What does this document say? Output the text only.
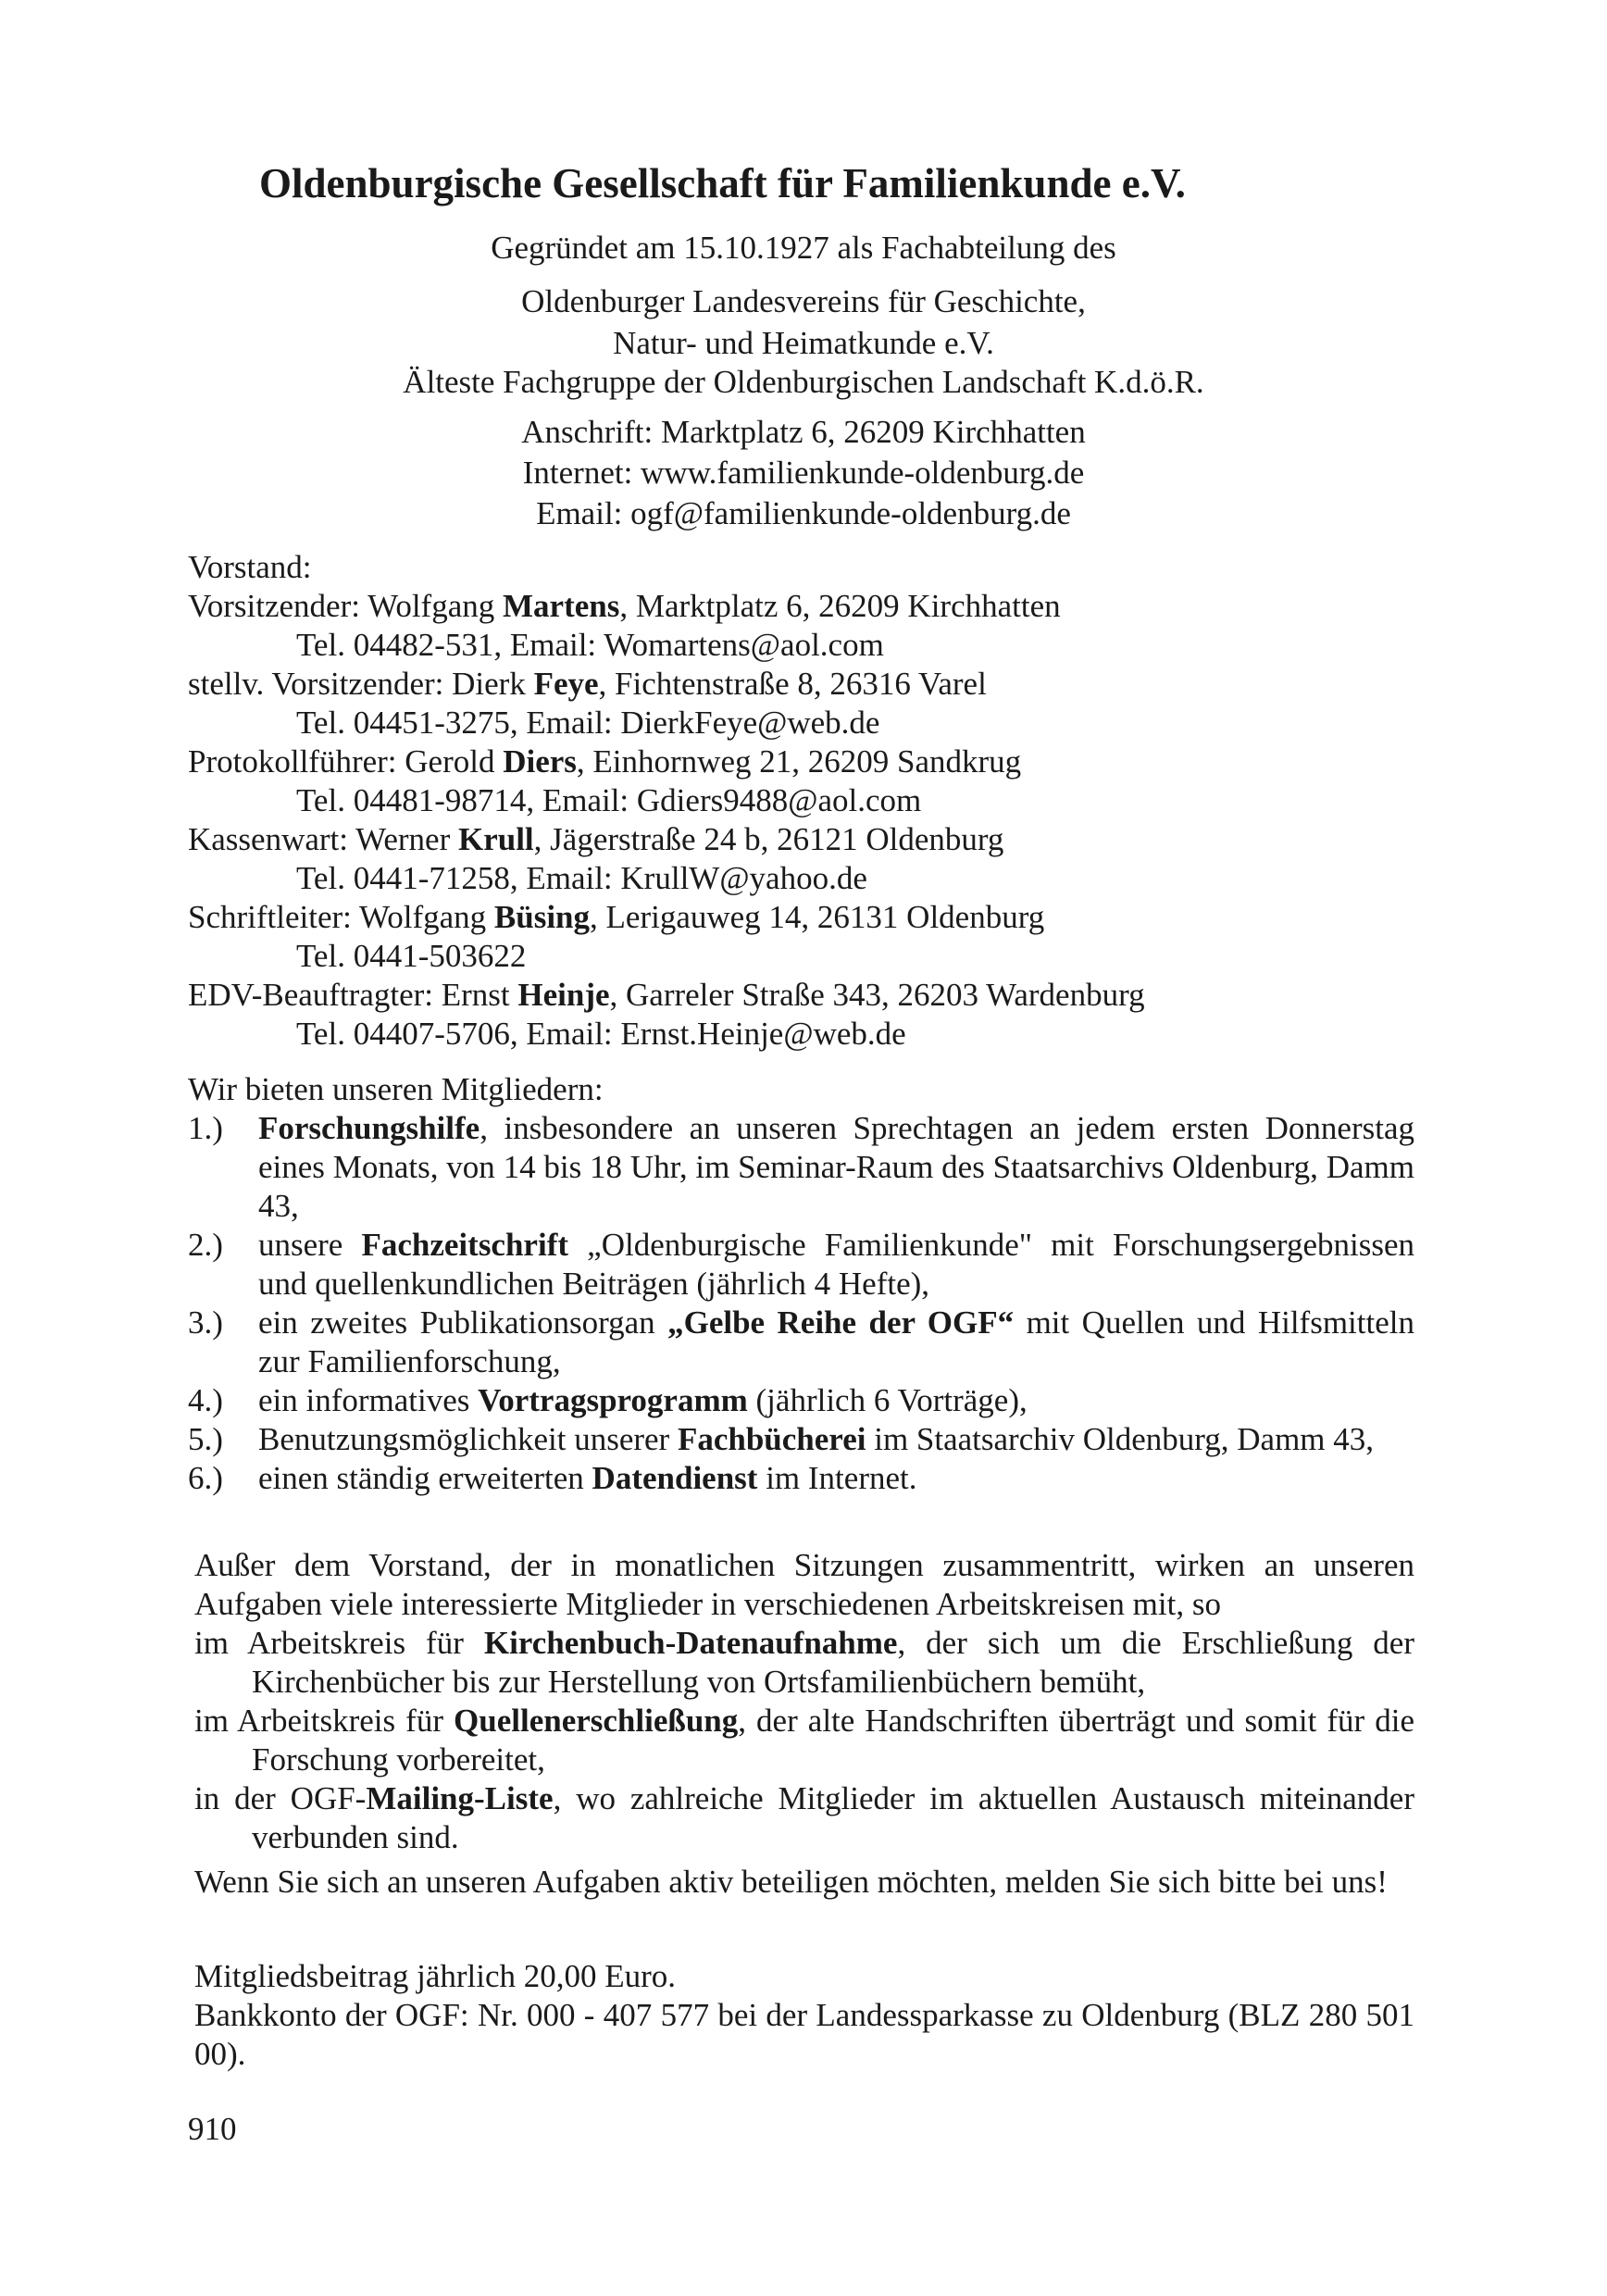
Oldenburgische Gesellschaft für Familienkunde e.V.
Gegründet am 15.10.1927 als Fachabteilung des
Oldenburger Landesvereins für Geschichte,
Natur- und Heimatkunde e.V.
Älteste Fachgruppe der Oldenburgischen Landschaft K.d.ö.R.
Anschrift: Marktplatz 6, 26209 Kirchhatten
Internet: www.familienkunde-oldenburg.de
Email: ogf@familienkunde-oldenburg.de
Vorstand:
Vorsitzender: Wolfgang Martens, Marktplatz 6, 26209 Kirchhatten
Tel. 04482-531, Email: Womartens@aol.com
stellv. Vorsitzender: Dierk Feye, Fichtenstraße 8, 26316 Varel
Tel. 04451-3275, Email: DierkFeye@web.de
Protokollführer: Gerold Diers, Einhornweg 21, 26209 Sandkrug
Tel. 04481-98714, Email: Gdiers9488@aol.com
Kassenwart: Werner Krull, Jägerstraße 24 b, 26121 Oldenburg
Tel. 0441-71258, Email: KrullW@yahoo.de
Schriftleiter: Wolfgang Büsing, Lerigauweg 14, 26131 Oldenburg
Tel. 0441-503622
EDV-Beauftragter: Ernst Heinje, Garreler Straße 343, 26203 Wardenburg
Tel. 04407-5706, Email: Ernst.Heinje@web.de
Wir bieten unseren Mitgliedern:
1.) Forschungshilfe, insbesondere an unseren Sprechtagen an jedem ersten Donnerstag eines Monats, von 14 bis 18 Uhr, im Seminar-Raum des Staatsarchivs Oldenburg, Damm 43,
2.) unsere Fachzeitschrift „Oldenburgische Familienkunde" mit Forschungsergebnissen und quellenkundlichen Beiträgen (jährlich 4 Hefte),
3.) ein zweites Publikationsorgan „Gelbe Reihe der OGF“ mit Quellen und Hilfsmitteln zur Familienforschung,
4.) ein informatives Vortragsprogramm (jährlich 6 Vorträge),
5.) Benutzungsmöglichkeit unserer Fachbücherei im Staatsarchiv Oldenburg, Damm 43,
6.) einen ständig erweiterten Datendienst im Internet.
Außer dem Vorstand, der in monatlichen Sitzungen zusammentritt, wirken an unseren Aufgaben viele interessierte Mitglieder in verschiedenen Arbeitskreisen mit, so
im Arbeitskreis für Kirchenbuch-Datenaufnahme, der sich um die Erschließung der Kirchenbücher bis zur Herstellung von Ortsfamilienbüchern bemüht,
im Arbeitskreis für Quellenerschließung, der alte Handschriften überträgt und somit für die Forschung vorbereitet,
in der OGF-Mailing-Liste, wo zahlreiche Mitglieder im aktuellen Austausch miteinander verbunden sind.
Wenn Sie sich an unseren Aufgaben aktiv beteiligen möchten, melden Sie sich bitte bei uns!
Mitgliedsbeitrag jährlich 20,00 Euro.
Bankkonto der OGF: Nr. 000 - 407 577 bei der Landessparkasse zu Oldenburg (BLZ 280 501 00).
910
